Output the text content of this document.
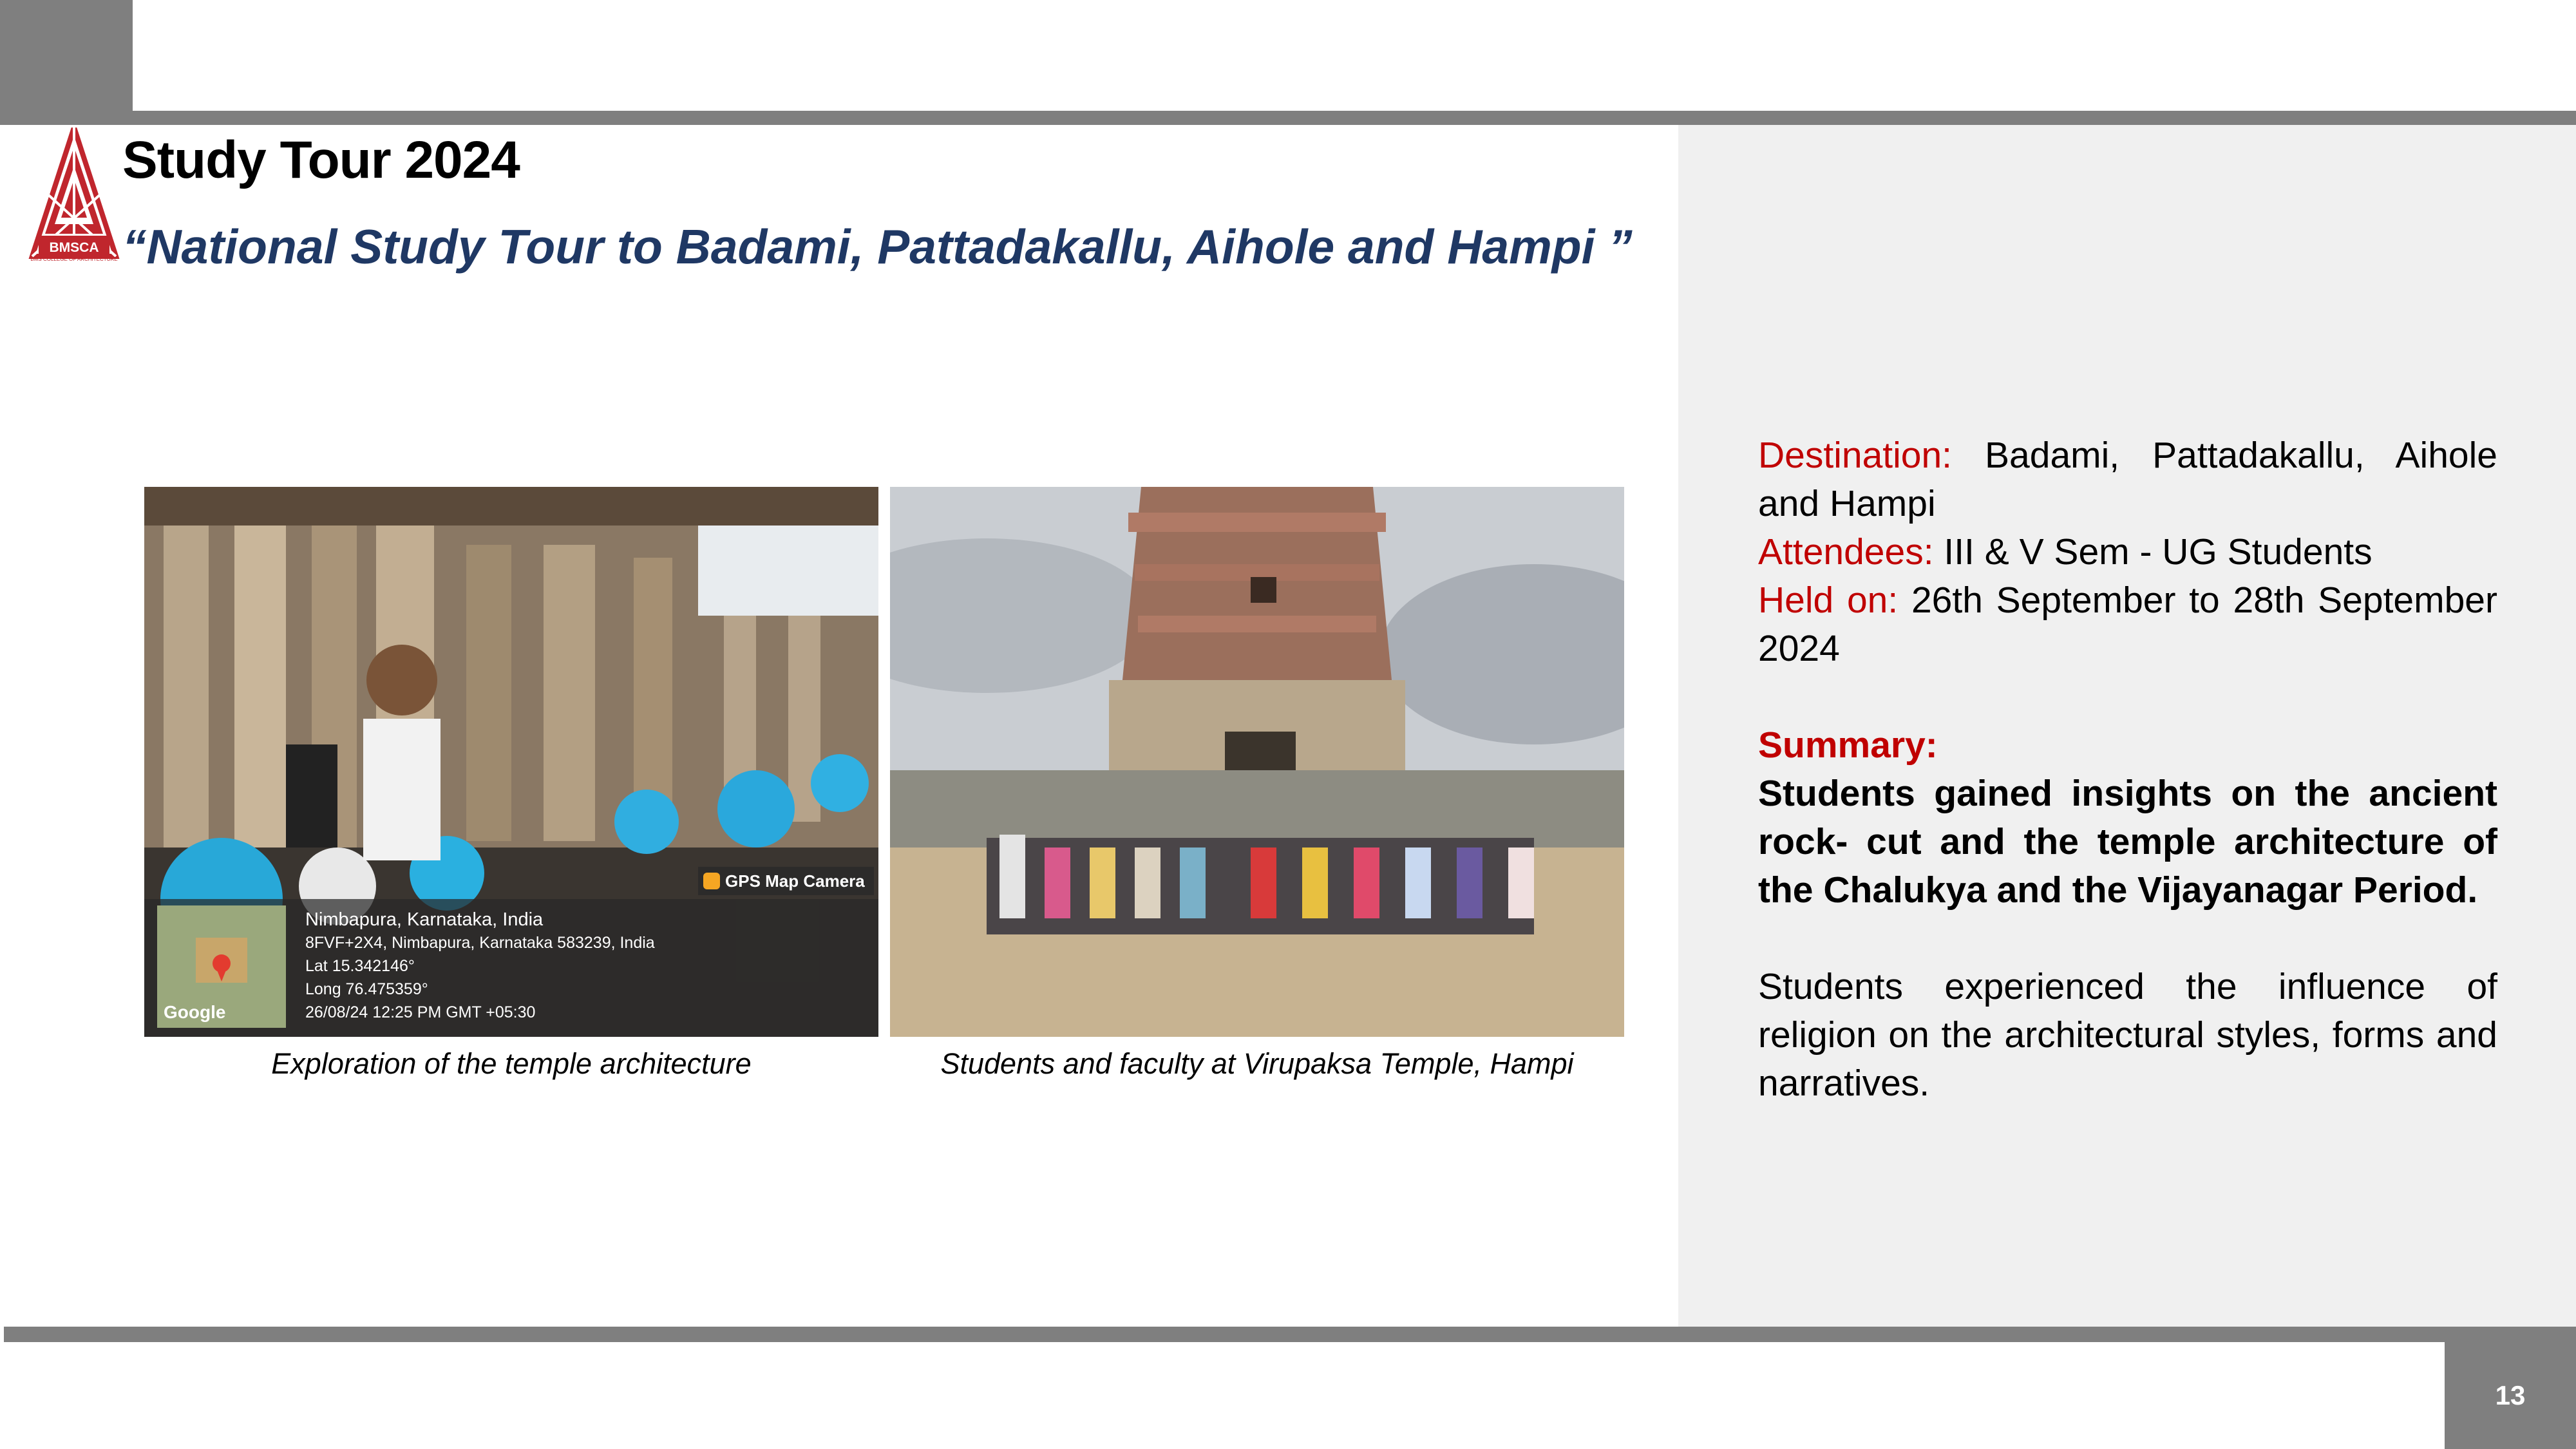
13
BMSCA
BMS COLLEGE OF ARCHITECTURE
Study Tour 2024
“National Study Tour to Badami, Pattadakallu, Aihole and Hampi ”
Google
Nimbapura, Karnataka, India
8FVF+2X4, Nimbapura, Karnataka 583239, India
Lat 15.342146°
Long 76.475359°
26/08/24 12:25 PM GMT +05:30
GPS Map Camera
Exploration of the temple architecture	Students and faculty at Virupaksa Temple, Hampi

Destination: Badami, Pattadakallu, Aihole and Hampi

Attendees: III & V Sem - UG Students

Held on: 26th September to 28th September 2024

Summary:

Students gained insights on the ancient rock- cut and the temple architecture of the Chalukya and the Vijayanagar Period.

Students experienced the influence of religion on the architectural styles, forms and narratives.
